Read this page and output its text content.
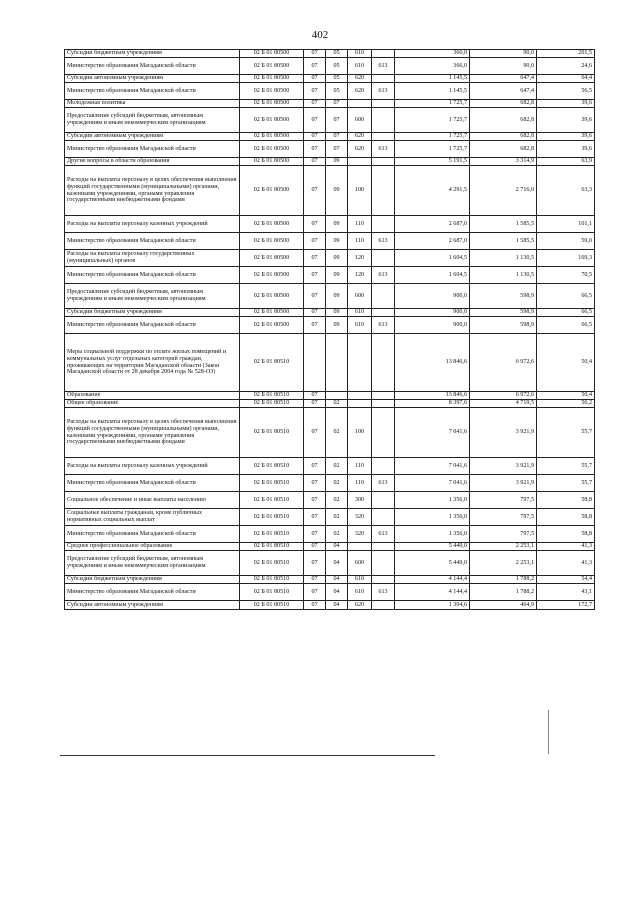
402
Субсидии бюджетным учреждениям	02 Б 01 80500	07	05	610		366,0	90,0	201,5
Министерство образования Магаданской области	02 Б 01 80500	07	05	610	613	366,0	90,0	24,6
Субсидии автономным учреждениям	02 Б 01 80500	07	05	620		1 145,5	647,4	64,4
Министерство образования Магаданской области	02 Б 01 80500	07	05	620	613	1 145,5	647,4	56,5
Молодежная политика	02 Б 01 80500	07	07			1 725,7	682,8	39,6
Предоставление субсидий бюджетным, автономным учреждениям и иным некоммерческим организациям	02 Б 01 80500	07	07	600		1 725,7	682,8	39,6
Субсидии автономным учреждениям	02 Б 01 80500	07	07	620		1 725,7	682,8	39,6
Министерство образования Магаданской области	02 Б 01 80500	07	07	620	613	1 725,7	682,8	39,6
Другие вопросы в области образования	02 Б 01 80500	07	09			5 191,5	3 314,9	63,9
Расходы на выплаты персоналу в целях обеспечения выполнения функций государственными (муниципальными) органами, казенными учреждениями, органами управления государственными внебюджетными фондами	02 Б 01 80500	07	09	100		4 291,5	2 716,0	63,3
Расходы на выплаты персоналу казенных учреждений	02 Б 01 80500	07	09	110		2 687,0	1 585,5	101,1
Министерство образования Магаданской области	02 Б 01 80500	07	09	110	613	2 687,0	1 585,5	59,0
Расходы на выплаты персоналу государственных (муниципальных) органов	02 Б 01 80500	07	09	120		1 604,5	1 130,5	169,3
Министерство образования Магаданской области	02 Б 01 80500	07	09	120	613	1 604,5	1 130,5	70,5
Предоставление субсидий бюджетным, автономным учреждениям и иным некоммерческим организациям	02 Б 01 80500	07	09	600		900,0	598,9	66,5
Субсидии бюджетным учреждениям	02 Б 01 80500	07	09	610		900,0	598,9	66,5
Министерство образования Магаданской области	02 Б 01 80500	07	09	610	613	900,0	598,9	66,5
Меры социальной поддержки по оплате жилых помещений и коммунальных услуг отдельных категорий граждан, проживающих на территории Магаданской области (Закон Магаданской области от 28 декабря 2004 года № 528-ОЗ)	02 Б 01 80510					13 846,6	6 972,6	50,4
Образование	02 Б 01 80510	07				13 846,6	6 972,6	50,4
Общее образование	02 Б 01 80510	07	02			8 397,6	4 719,5	56,2
Расходы на выплаты персоналу в целях обеспечения выполнения функций государственными (муниципальными) органами, казенными учреждениями, органами управления государственными внебюджетными фондами	02 Б 01 80510	07	02	100		7 041,6	3 921,9	55,7
Расходы на выплаты персоналу казенных учреждений	02 Б 01 80510	07	02	110		7 041,6	3 921,9	55,7
Министерство образования Магаданской области	02 Б 01 80510	07	02	110	613	7 041,6	3 921,9	55,7
Социальное обеспечение и иные выплаты населению	02 Б 01 80510	07	02	300		1 356,0	797,5	58,8
Социальные выплаты гражданам, кроме публичных нормативных социальных выплат	02 Б 01 80510	07	02	320		1 356,0	797,5	58,8
Министерство образования Магаданской области	02 Б 01 80510	07	02	320	613	1 356,0	797,5	58,8
Среднее профессиональное образование	02 Б 01 80510	07	04			5 449,0	2 253,1	41,3
Предоставление субсидий бюджетным, автономным учреждениям и иным некоммерческим организациям	02 Б 01 80510	07	04	600		5 449,0	2 253,1	41,3
Субсидии бюджетным учреждениям	02 Б 01 80510	07	04	610		4 144,4	1 788,2	54,4
Министерство образования Магаданской области	02 Б 01 80510	07	04	610	613	4 144,4	1 788,2	43,1
Субсидии автономным учреждениям	02 Б 01 80510	07	04	620		1 304,6	464,9	172,7
